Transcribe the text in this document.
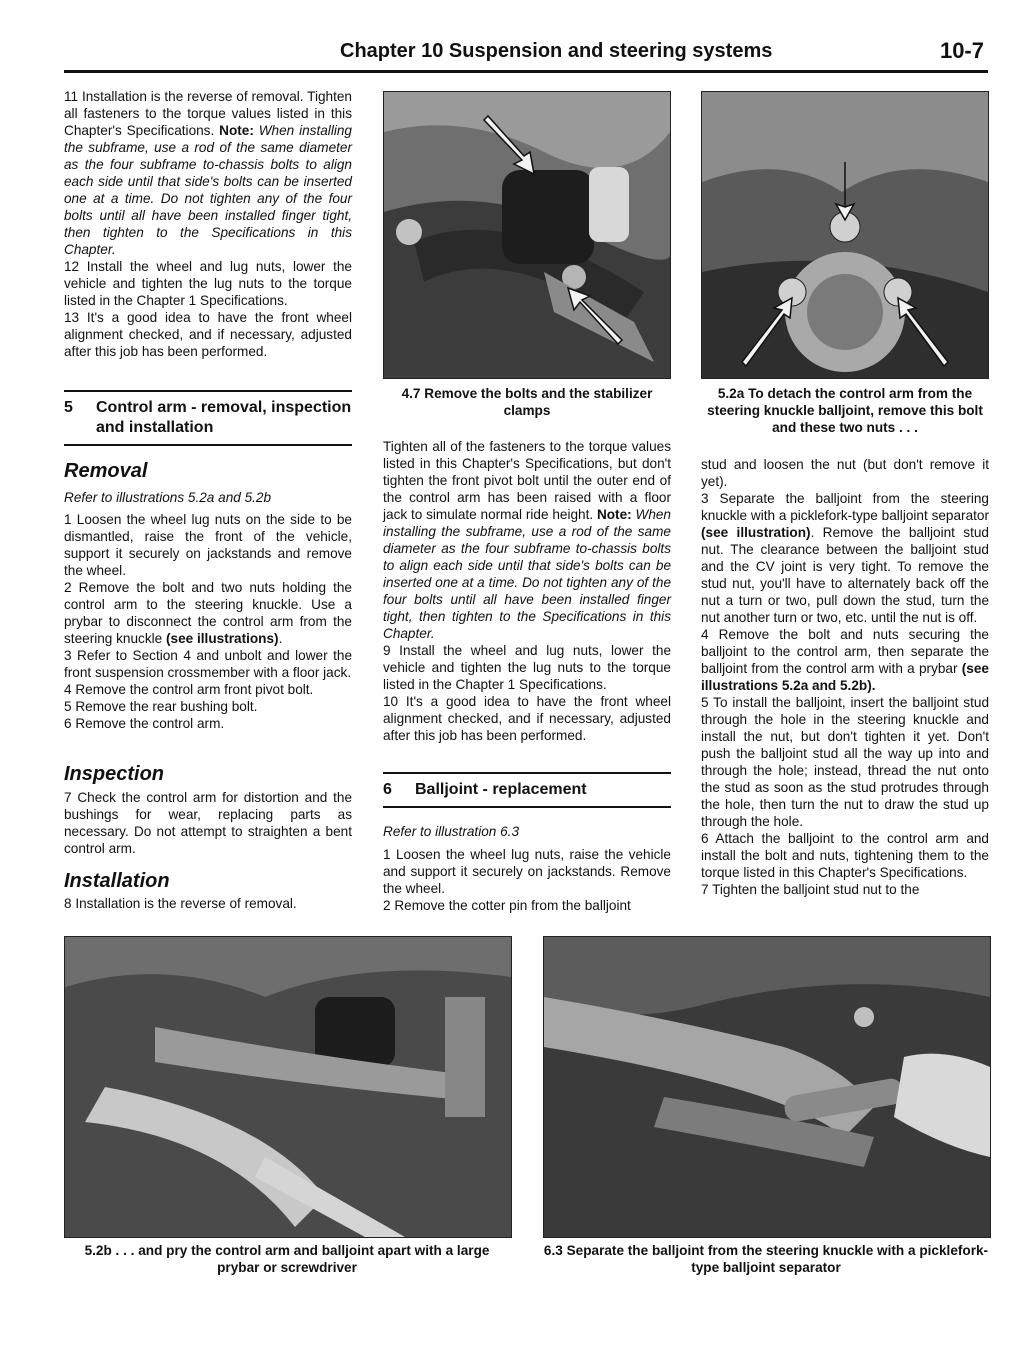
Chapter 10 Suspension and steering systems	10-7

11 Installation is the reverse of removal. Tighten all fasteners to the torque values listed in this Chapter's Specifications. Note: When installing the subframe, use a rod of the same diameter as the four subframe to-chassis bolts to align each side until that side's bolts can be inserted one at a time. Do not tighten any of the four bolts until all have been installed finger tight, then tighten to the Specifications in this Chapter.

12 Install the wheel and lug nuts, lower the vehicle and tighten the lug nuts to the torque listed in the Chapter 1 Specifications.

13 It's a good idea to have the front wheel alignment checked, and if necessary, adjusted after this job has been performed.

5	Control arm - removal, inspection and installation
Removal
Refer to illustrations 5.2a and 5.2b

1 Loosen the wheel lug nuts on the side to be dismantled, raise the front of the vehicle, support it securely on jackstands and remove the wheel.

2 Remove the bolt and two nuts holding the control arm to the steering knuckle. Use a prybar to disconnect the control arm from the steering knuckle (see illustrations).

3 Refer to Section 4 and unbolt and lower the front suspension crossmember with a floor jack.

4 Remove the control arm front pivot bolt.

5 Remove the rear bushing bolt.

6 Remove the control arm.

Inspection

7 Check the control arm for distortion and the bushings for wear, replacing parts as necessary. Do not attempt to straighten a bent control arm.

Installation

8 Installation is the reverse of removal.

4.7 Remove the bolts and the stabilizer clamps

Tighten all of the fasteners to the torque values listed in this Chapter's Specifications, but don't tighten the front pivot bolt until the outer end of the control arm has been raised with a floor jack to simulate normal ride height. Note: When installing the subframe, use a rod of the same diameter as the four subframe to-chassis bolts to align each side until that side's bolts can be inserted one at a time. Do not tighten any of the four bolts until all have been installed finger tight, then tighten to the Specifications in this Chapter.

9 Install the wheel and lug nuts, lower the vehicle and tighten the lug nuts to the torque listed in the Chapter 1 Specifications.

10 It's a good idea to have the front wheel alignment checked, and if necessary, adjusted after this job has been performed.

6	Balljoint - replacement
Refer to illustration 6.3

1 Loosen the wheel lug nuts, raise the vehicle and support it securely on jackstands. Remove the wheel.

2 Remove the cotter pin from the balljoint

5.2a To detach the control arm from the steering knuckle balljoint, remove this bolt and these two nuts . . .

stud and loosen the nut (but don't remove it yet).

3 Separate the balljoint from the steering knuckle with a picklefork-type balljoint separator (see illustration). Remove the balljoint stud nut. The clearance between the balljoint stud and the CV joint is very tight. To remove the stud nut, you'll have to alternately back off the nut a turn or two, pull down the stud, turn the nut another turn or two, etc. until the nut is off.

4 Remove the bolt and nuts securing the balljoint to the control arm, then separate the balljoint from the control arm with a prybar (see illustrations 5.2a and 5.2b).

5 To install the balljoint, insert the balljoint stud through the hole in the steering knuckle and install the nut, but don't tighten it yet. Don't push the balljoint stud all the way up into and through the hole; instead, thread the nut onto the stud as soon as the stud protrudes through the hole, then turn the nut to draw the stud up through the hole.

6 Attach the balljoint to the control arm and install the bolt and nuts, tightening them to the torque listed in this Chapter's Specifications.

7 Tighten the balljoint stud nut to the

5.2b . . . and pry the control arm and balljoint apart with a large prybar or screwdriver
6.3 Separate the balljoint from the steering knuckle with a picklefork-type balljoint separator
